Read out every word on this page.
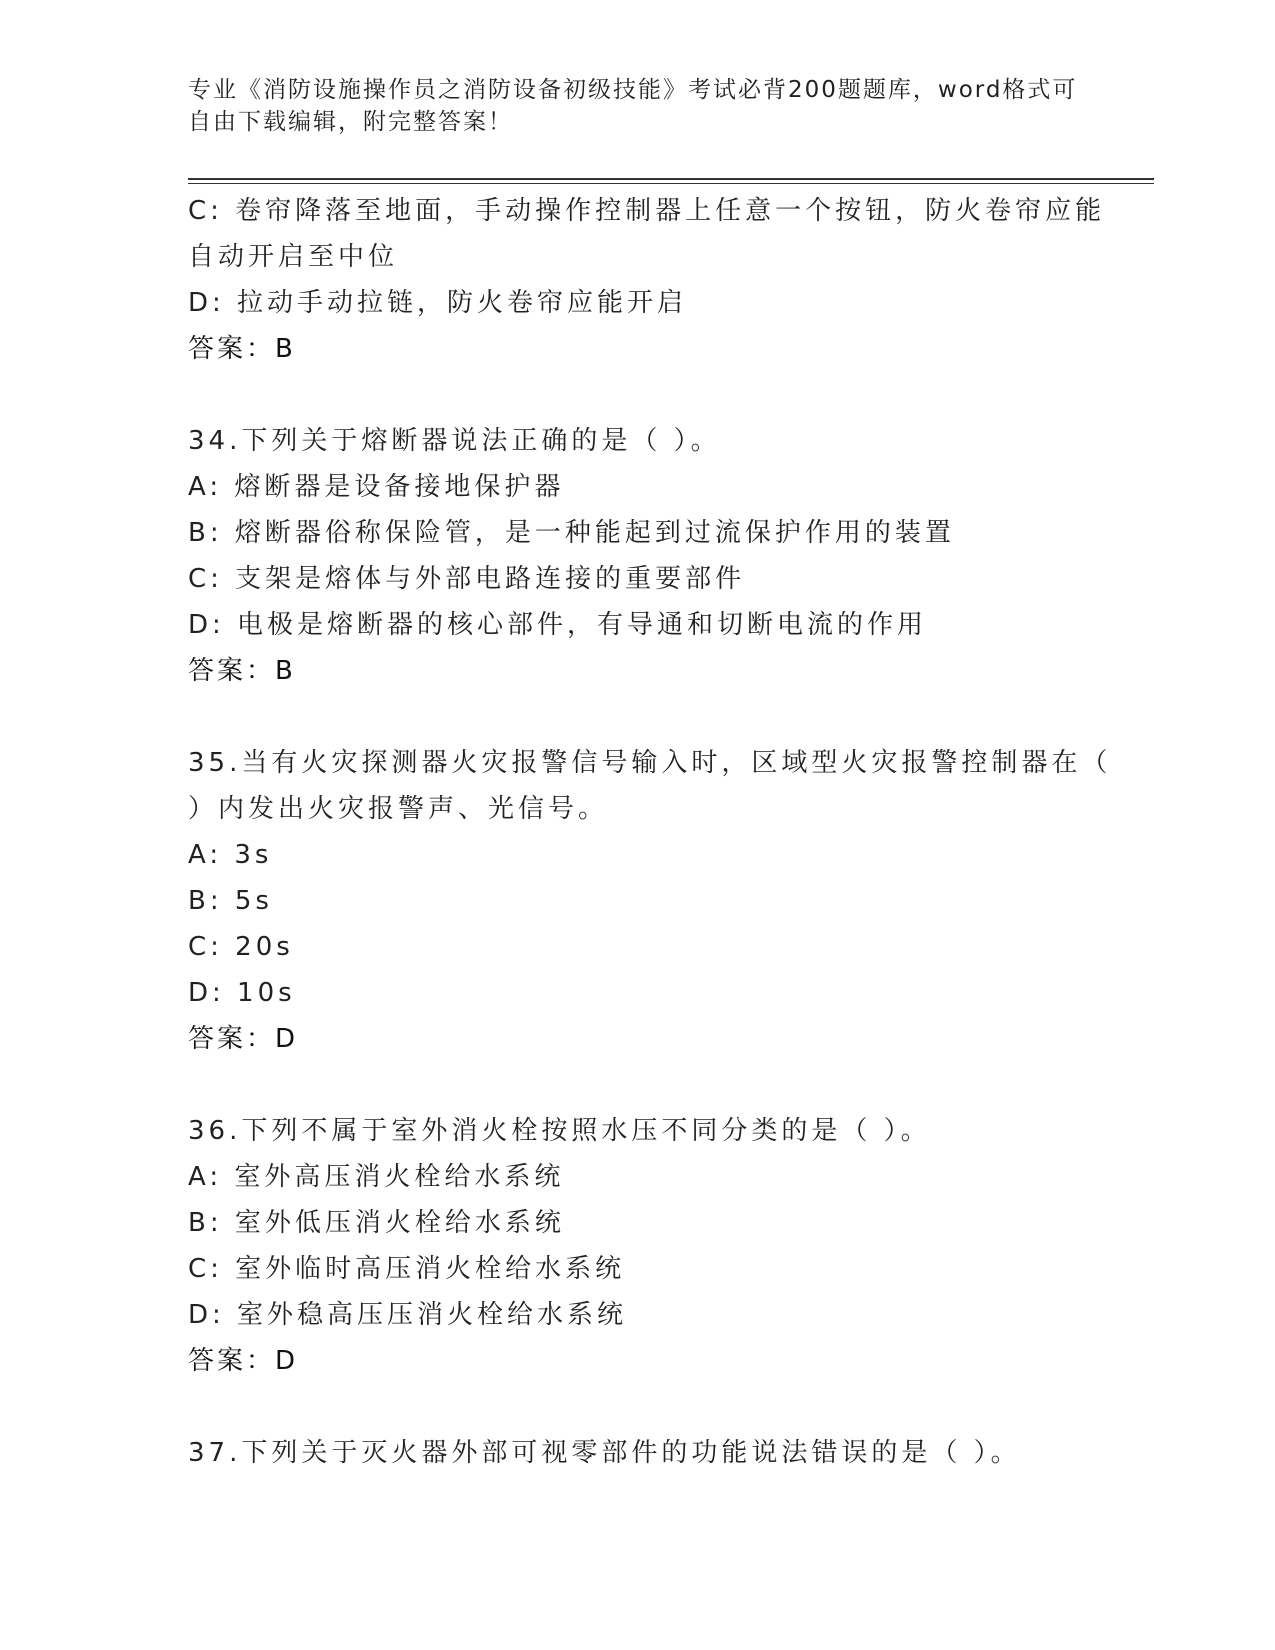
专业《消防设施操作员之消防设备初级技能》考试必背200题题库，word格式可
自由下载编辑，附完整答案！
C: 卷帘降落至地面，手动操作控制器上任意一个按钮，防火卷帘应能
自动开启至中位
D: 拉动手动拉链，防火卷帘应能开启
答案：B
34.下列关于熔断器说法正确的是（ ）。
A: 熔断器是设备接地保护器
B: 熔断器俗称保险管，是一种能起到过流保护作用的装置
C: 支架是熔体与外部电路连接的重要部件
D: 电极是熔断器的核心部件，有导通和切断电流的作用
答案：B
35.当有火灾探测器火灾报警信号输入时，区域型火灾报警控制器在（
）内发出火灾报警声、光信号。
A: 3s
B: 5s
C: 20s
D: 10s
答案：D
36.下列不属于室外消火栓按照水压不同分类的是（ ）。
A: 室外高压消火栓给水系统
B: 室外低压消火栓给水系统
C: 室外临时高压消火栓给水系统
D: 室外稳高压压消火栓给水系统
答案：D
37.下列关于灭火器外部可视零部件的功能说法错误的是（ ）。
